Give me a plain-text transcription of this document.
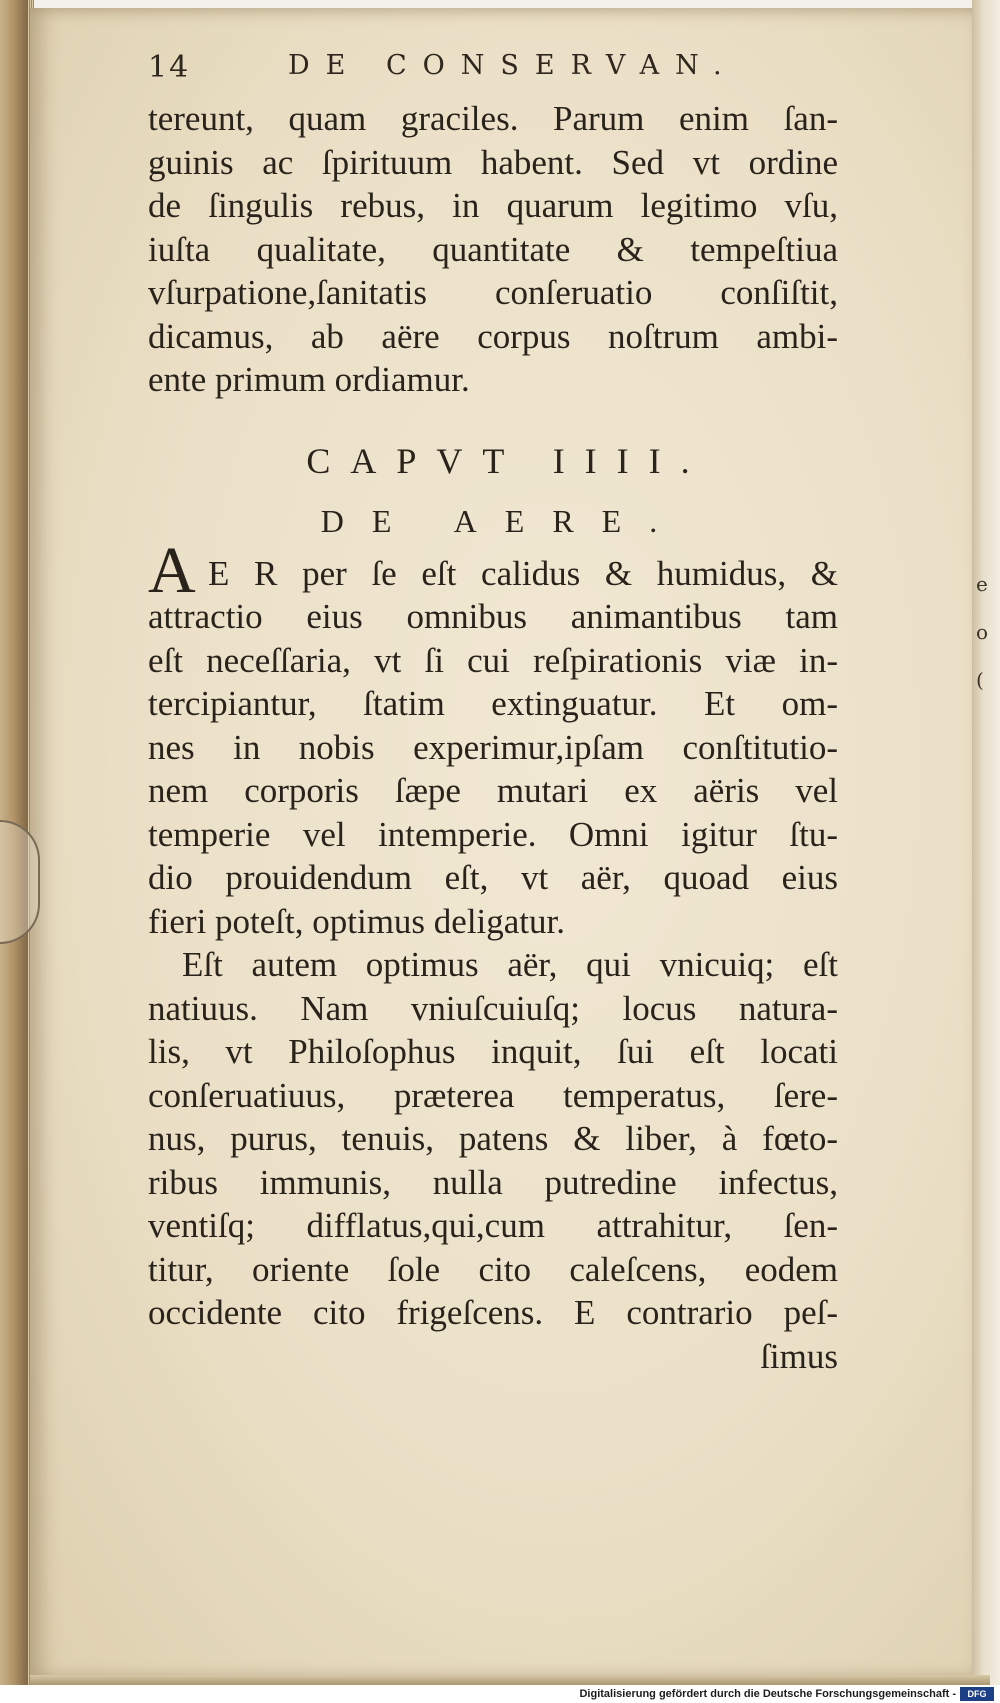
e
o
(
14	DE CONSERVAN.
tereunt, quam graciles. Parum enim ſan-
guinis ac ſpirituum habent. Sed vt ordine
de ſingulis rebus, in quarum legitimo vſu,
iuſta qualitate, quantitate & tempeſtiua
vſurpatione,ſanitatis conſeruatio conſiſtit,
dicamus, ab aëre corpus noſtrum ambi-
ente primum ordiamur.
CAPVT IIII.
DE AERE.
A E R per ſe eſt calidus & humidus, &
attractio eius omnibus animantibus tam
eſt neceſſaria, vt ſi cui reſpirationis viæ in-
tercipiantur, ſtatim extinguatur. Et om-
nes in nobis experimur,ipſam conſtitutio-
nem corporis ſæpe mutari ex aëris vel
temperie vel intemperie. Omni igitur ſtu-
dio prouidendum eſt, vt aër, quoad eius
fieri poteſt, optimus deligatur.
Eſt autem optimus aër, qui vnicuiq; eſt
natiuus. Nam vniuſcuiuſq; locus natura-
lis, vt Philoſophus inquit, ſui eſt locati
conſeruatiuus, præterea temperatus, ſere-
nus, purus, tenuis, patens & liber, à fœto-
ribus immunis, nulla putredine infectus,
ventiſq; difflatus,qui,cum attrahitur, ſen-
titur, oriente ſole cito caleſcens, eodem
occidente cito frigeſcens. E contrario peſ-
ſimus
Digitalisierung gefördert durch die Deutsche Forschungsgemeinschaft -	DFG
